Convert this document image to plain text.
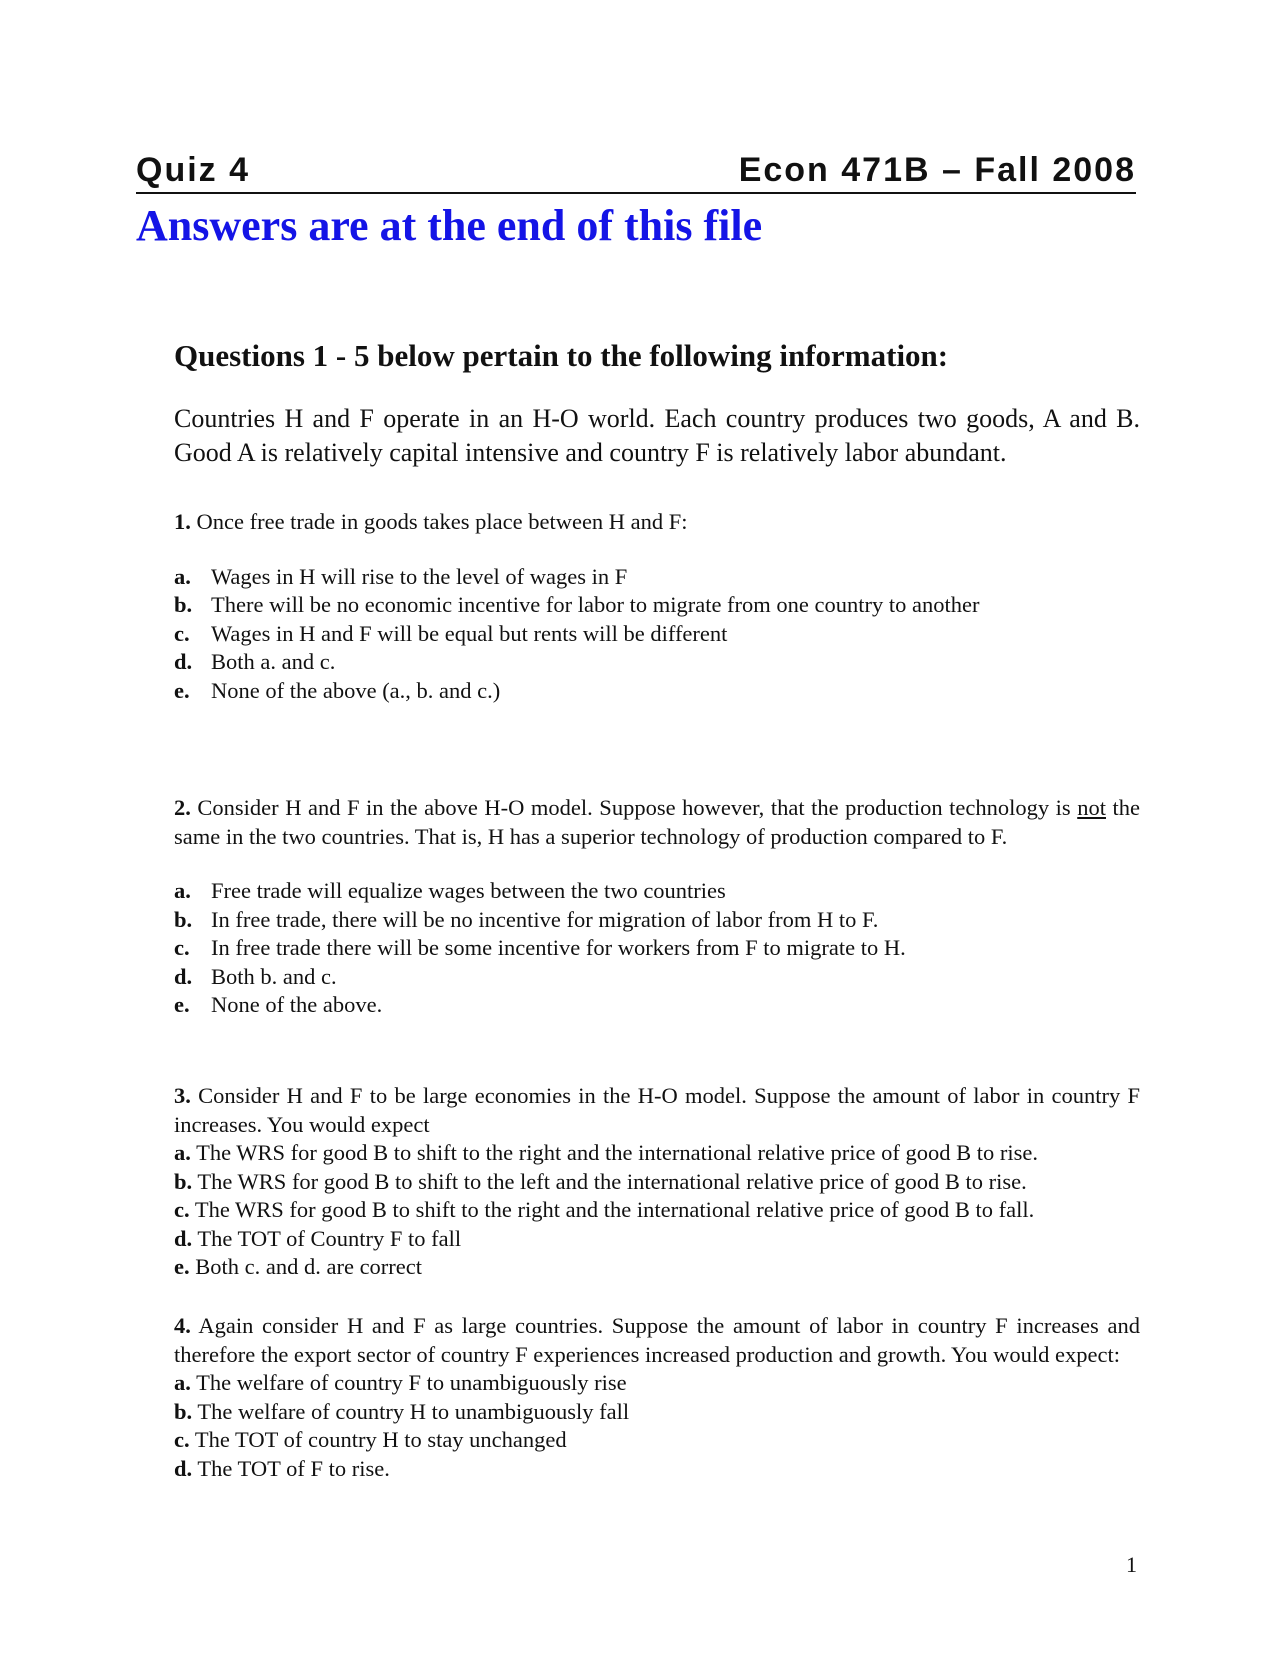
Quiz 4	Econ 471B – Fall 2008
Answers are at the end of this file
Questions 1 - 5 below pertain to the following information:
Countries H and F operate in an H-O world. Each country produces two goods, A and B. Good A is relatively capital intensive and country F is relatively labor abundant.
1. Once free trade in goods takes place between H and F:
a. Wages in H will rise to the level of wages in F
b. There will be no economic incentive for labor to migrate from one country to another
c. Wages in H and F will be equal but rents will be different
d. Both a. and c.
e. None of the above (a., b. and c.)
2. Consider H and F in the above H-O model. Suppose however, that the production technology is not the same in the two countries. That is, H has a superior technology of production compared to F.
a. Free trade will equalize wages between the two countries
b. In free trade, there will be no incentive for migration of labor from H to F.
c. In free trade there will be some incentive for workers from F to migrate to H.
d. Both b. and c.
e. None of the above.
3. Consider H and F to be large economies in the H-O model. Suppose the amount of labor in country F increases. You would expect
a. The WRS for good B to shift to the right and the international relative price of good B to rise.
b. The WRS for good B to shift to the left and the international relative price of good B to rise.
c. The WRS for good B to shift to the right and the international relative price of good B to fall.
d. The TOT of Country F to fall
e. Both c. and d. are correct
4. Again consider H and F as large countries. Suppose the amount of labor in country F increases and therefore the export sector of country F experiences increased production and growth. You would expect:
a. The welfare of country F to unambiguously rise
b. The welfare of country H to unambiguously fall
c. The TOT of country H to stay unchanged
d. The TOT of F to rise.
1
